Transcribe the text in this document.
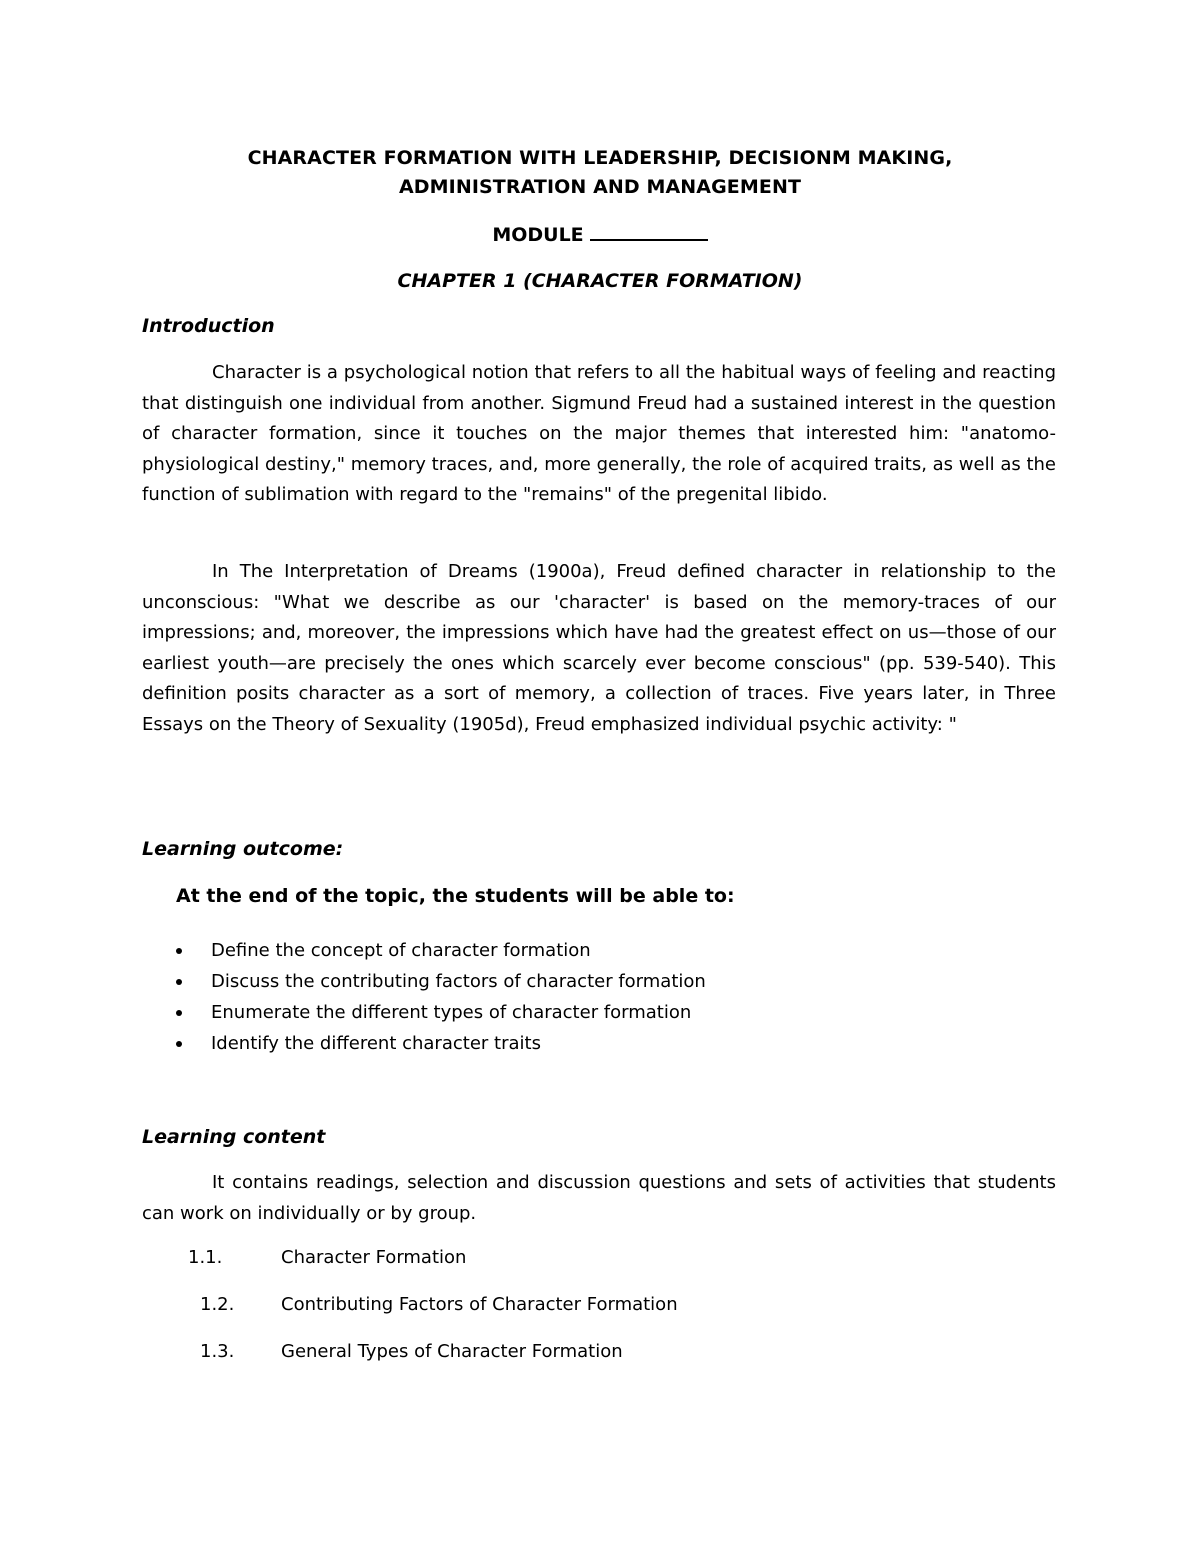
CHARACTER FORMATION WITH LEADERSHIP, DECISIONM MAKING,
ADMINISTRATION AND MANAGEMENT
MODULE
CHAPTER 1 (CHARACTER FORMATION)
Introduction

Character is a psychological notion that refers to all the habitual ways of feeling and reacting that distinguish one individual from another. Sigmund Freud had a sustained interest in the question of character formation, since it touches on the major themes that interested him: "anatomo-physiological destiny," memory traces, and, more generally, the role of acquired traits, as well as the function of sublimation with regard to the "remains" of the pregenital libido.

In The Interpretation of Dreams (1900a), Freud defined character in relationship to the unconscious: "What we describe as our 'character' is based on the memory-traces of our impressions; and, moreover, the impressions which have had the greatest effect on us—those of our earliest youth—are precisely the ones which scarcely ever become conscious" (pp. 539-540). This definition posits character as a sort of memory, a collection of traces. Five years later, in Three Essays on the Theory of Sexuality (1905d), Freud emphasized individual psychic activity: "

Learning outcome:
At the end of the topic, the students will be able to:
Define the concept of character formation
Discuss the contributing factors of character formation
Enumerate the different types of character formation
Identify the different character traits
Learning content

It contains readings, selection and discussion questions and sets of activities that students can work on individually or by group.

1.1.	Character Formation
1.2.	Contributing Factors of Character Formation
1.3.	General Types of Character Formation
